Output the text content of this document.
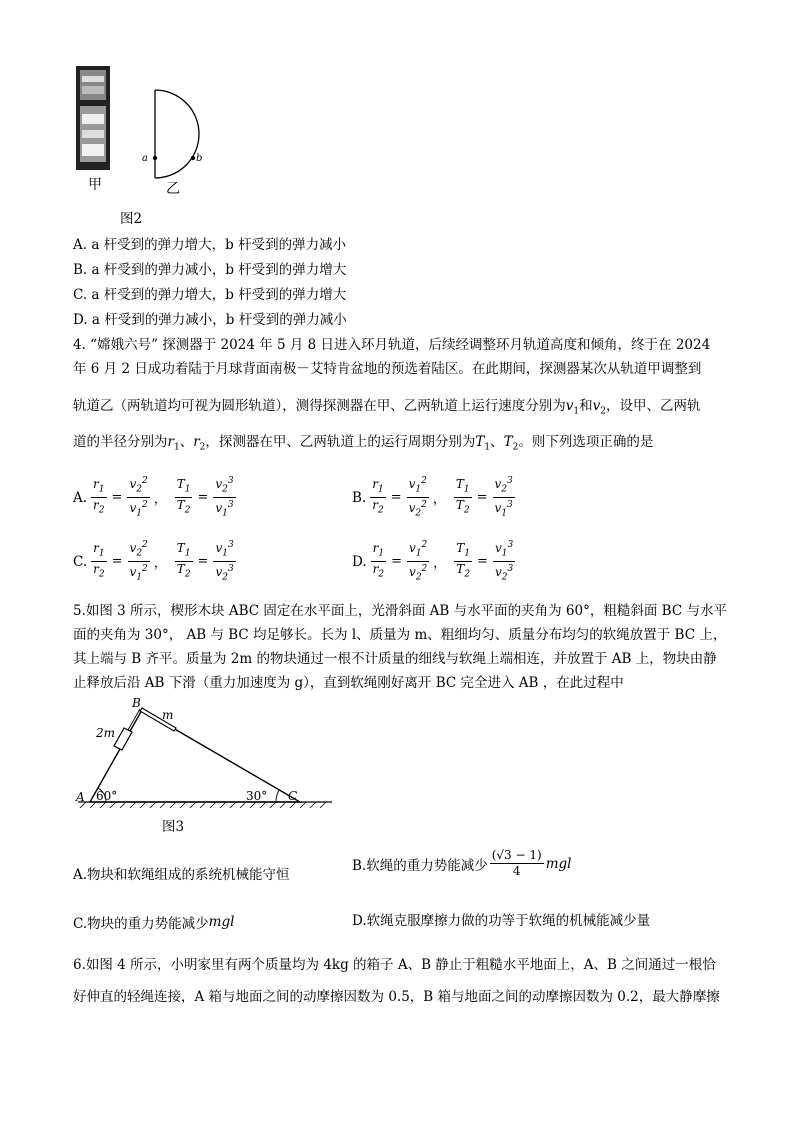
a	b
甲	乙
图2
A. a 杆受到的弹力增大，b 杆受到的弹力减小
B. a 杆受到的弹力减小，b 杆受到的弹力增大
C. a 杆受到的弹力增大，b 杆受到的弹力增大
D. a 杆受到的弹力减小，b 杆受到的弹力减小
4. “嫦娥六号” 探测器于 2024 年 5 月 8 日进入环月轨道，后续经调整环月轨道高度和倾角，终于在 2024
年 6 月 2 日成功着陆于月球背面南极－艾特肯盆地的预选着陆区。在此期间，探测器某次从轨道甲调整到
轨道乙（两轨道均可视为圆形轨道），测得探测器在甲、乙两轨道上运行速度分别为$v_1$和$v_2$，设甲、乙两轨
道的半径分别为$r_1$、$r_2$，探测器在甲、乙两轨道上的运行周期分别为$T_1$、$T_2$。则下列选项正确的是
A. $\frac{r_1}{r_2} = \frac{v_2^2}{v_1^2}$ ， $\frac{T_1}{T_2} = \frac{v_2^3}{v_1^3}$	B. $\frac{r_1}{r_2} = \frac{v_1^2}{v_2^2}$ ， $\frac{T_1}{T_2} = \frac{v_2^3}{v_1^3}$
C. $\frac{r_1}{r_2} = \frac{v_2^2}{v_1^2}$ ， $\frac{T_1}{T_2} = \frac{v_1^3}{v_2^3}$	D. $\frac{r_1}{r_2} = \frac{v_1^2}{v_2^2}$ ， $\frac{T_1}{T_2} = \frac{v_1^3}{v_2^3}$
5.如图 3 所示，楔形木块 ABC 固定在水平面上，光滑斜面 AB 与水平面的夹角为 60°，粗糙斜面 BC 与水平
面的夹角为 30°， AB 与 BC 均足够长。长为 l、质量为 m、粗细均匀、质量分布均匀的软绳放置于 BC 上，
其上端与 B 齐平。质量为 2m 的物块通过一根不计质量的细线与软绳上端相连，并放置于 AB 上，物块由静
止释放后沿 AB 下滑（重力加速度为 g），直到软绳刚好离开 BC 完全进入 AB ，在此过程中
B
m
2m
A 60°	30° C
图3
A.物块和软绳组成的系统机械能守恒
B.软绳的重力势能减少 $\frac{(√3 - 1)}{4}$ mgl
C.物块的重力势能减少 mgl	D.软绳克服摩擦力做的功等于软绳的机械能减少量
6.如图 4 所示，小明家里有两个质量均为 4kg 的箱子 A、B 静止于粗糙水平地面上，A、B 之间通过一根恰
好伸直的轻绳连接，A 箱与地面之间的动摩擦因数为 0.5，B 箱与地面之间的动摩擦因数为 0.2，最大静摩擦
